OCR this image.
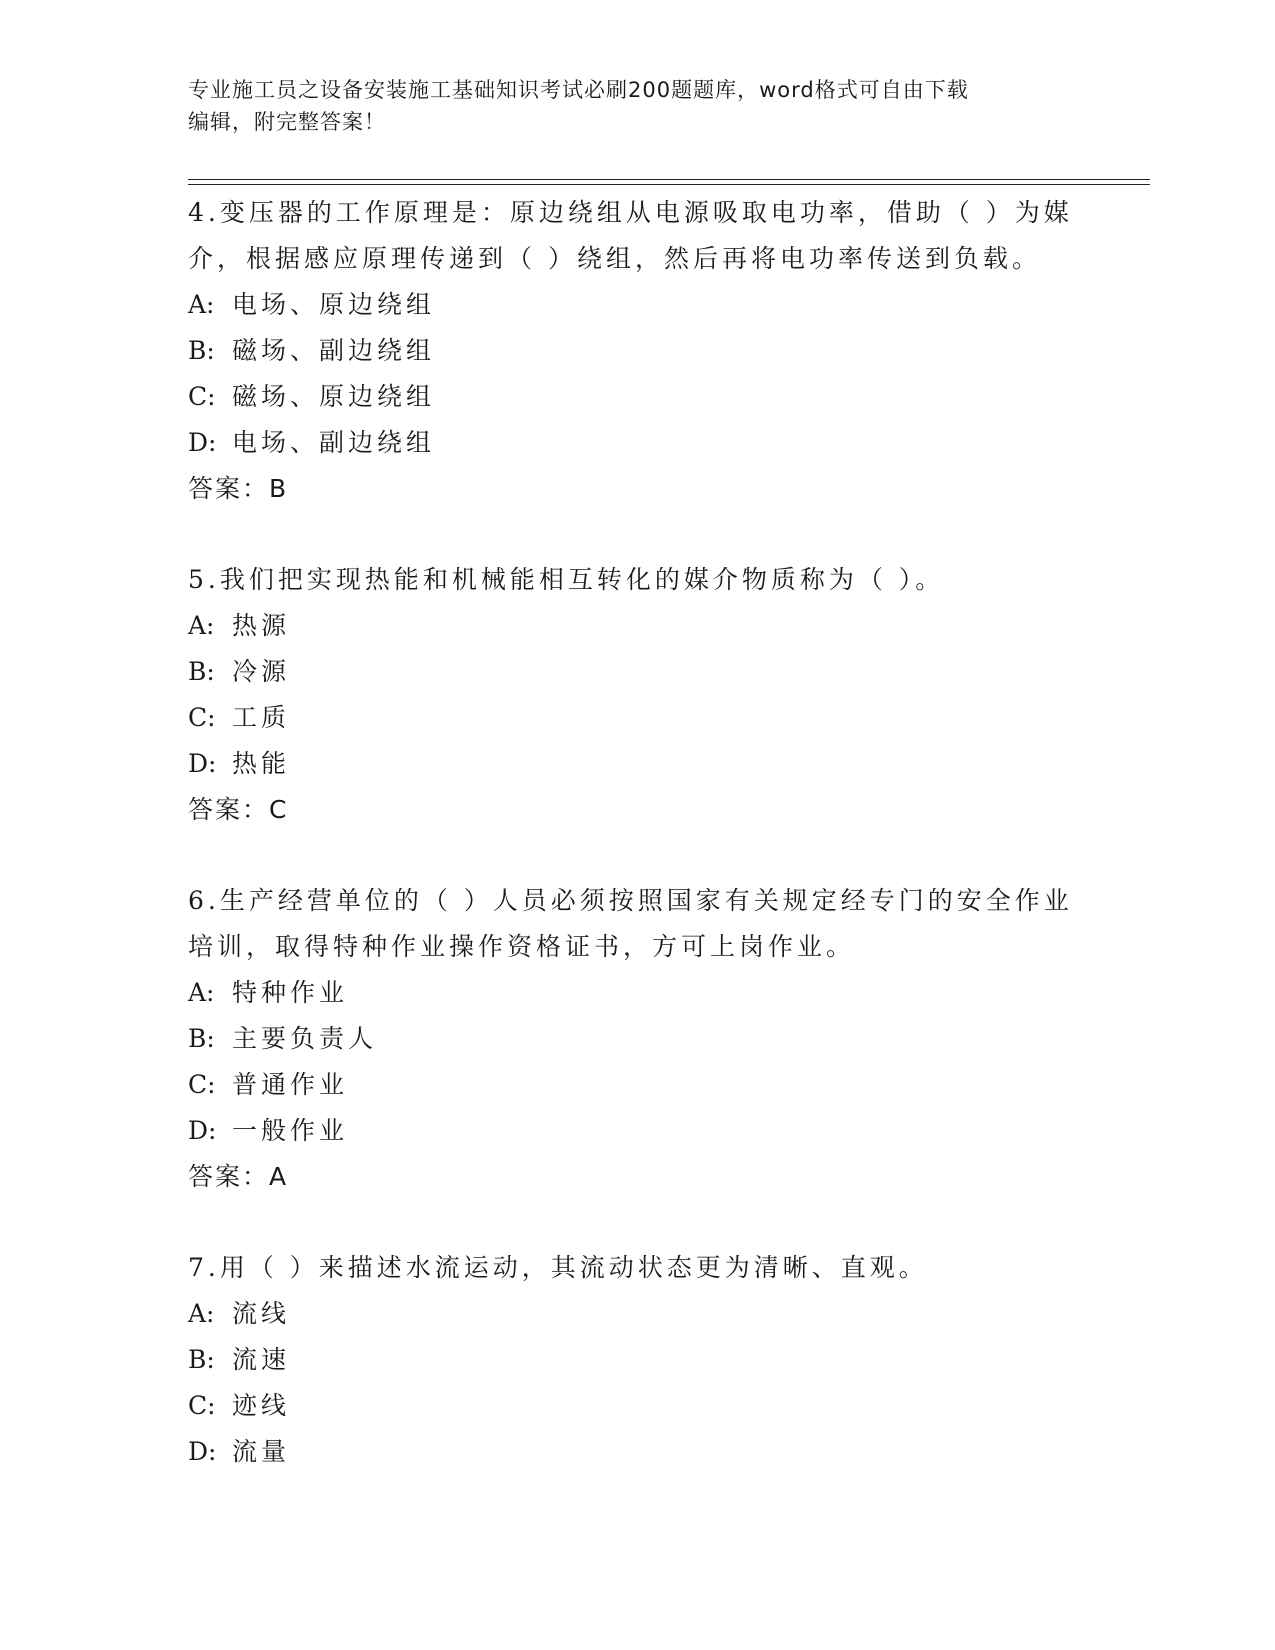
专业施工员之设备安装施工基础知识考试必刷200题题库，word格式可自由下载
编辑，附完整答案！
4.变压器的工作原理是：原边绕组从电源吸取电功率，借助（ ）为媒介，根据感应原理传递到（ ）绕组，然后再将电功率传送到负载。
A: 电场、原边绕组
B: 磁场、副边绕组
C: 磁场、原边绕组
D: 电场、副边绕组
答案：B
5.我们把实现热能和机械能相互转化的媒介物质称为（ ）。
A: 热源
B: 冷源
C: 工质
D: 热能
答案：C
6.生产经营单位的（ ）人员必须按照国家有关规定经专门的安全作业培训，取得特种作业操作资格证书，方可上岗作业。
A: 特种作业
B: 主要负责人
C: 普通作业
D: 一般作业
答案：A
7.用（ ）来描述水流运动，其流动状态更为清晰、直观。
A: 流线
B: 流速
C: 迹线
D: 流量
